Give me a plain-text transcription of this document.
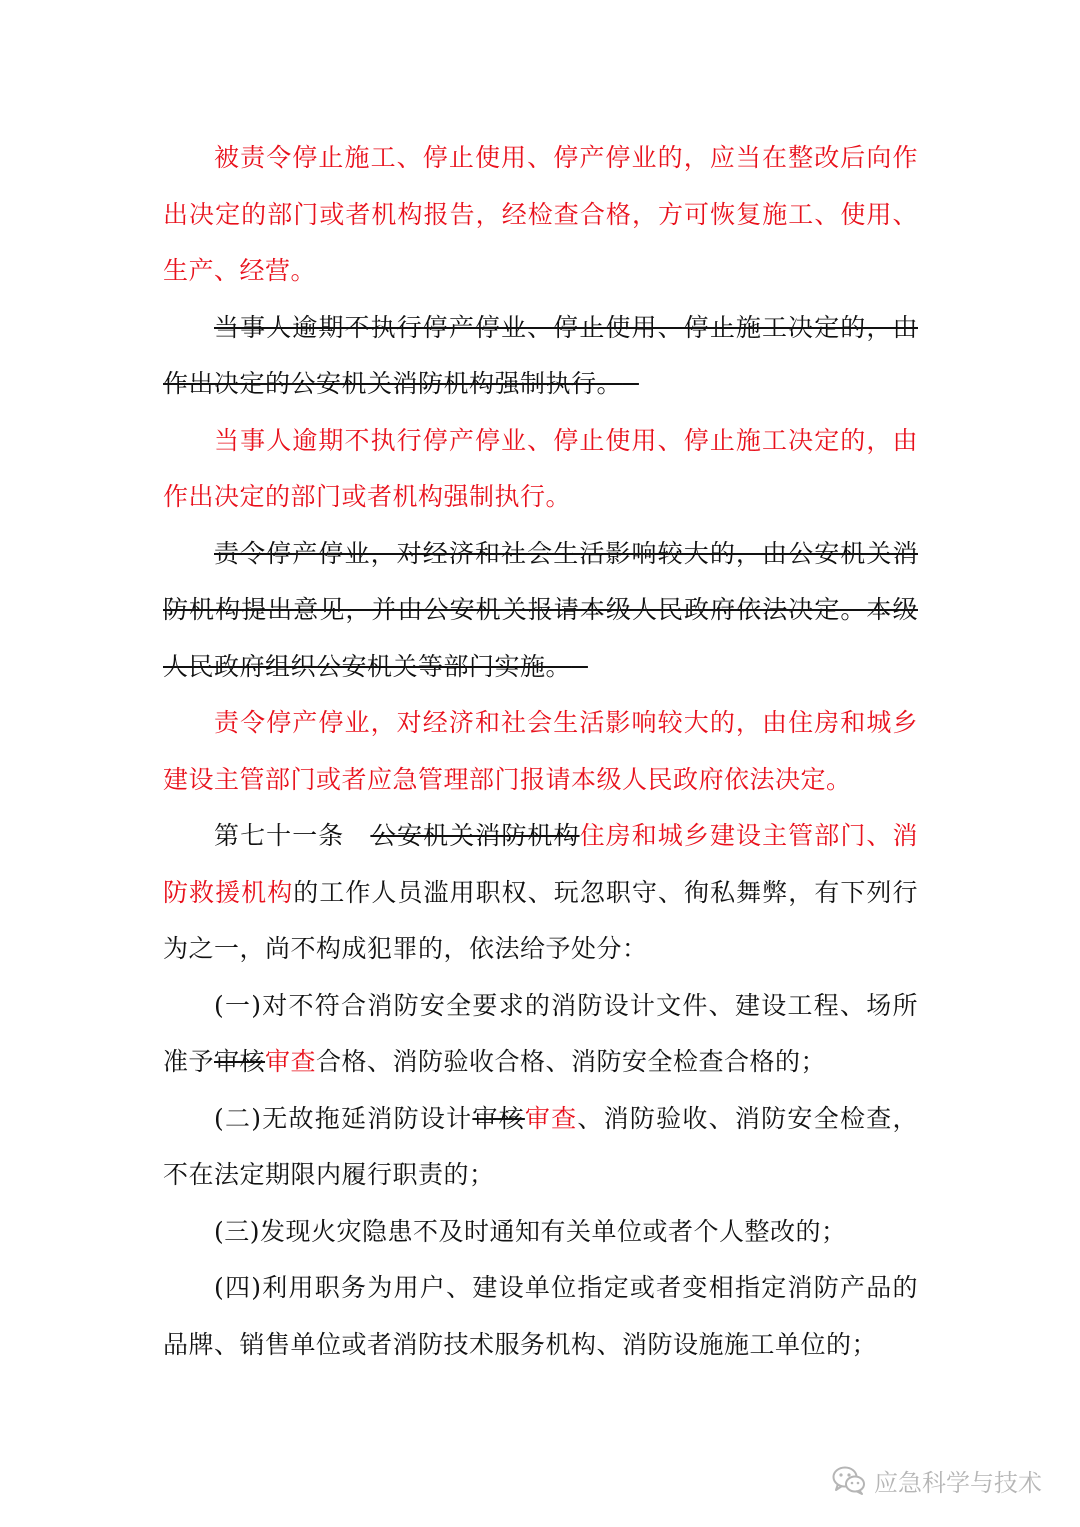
被责令停止施工、停止使用、停产停业的，应当在整改后向作出决定的部门或者机构报告，经检查合格，方可恢复施工、使用、生产、经营。

当事人逾期不执行停产停业、停止使用、停止施工决定的，由作出决定的公安机关消防机构强制执行。

当事人逾期不执行停产停业、停止使用、停止施工决定的，由作出决定的部门或者机构强制执行。

责令停产停业，对经济和社会生活影响较大的，由公安机关消防机构提出意见，并由公安机关报请本级人民政府依法决定。本级人民政府组织公安机关等部门实施。

责令停产停业，对经济和社会生活影响较大的，由住房和城乡建设主管部门或者应急管理部门报请本级人民政府依法决定。

第七十一条 公安机关消防机构住房和城乡建设主管部门、消防救援机构的工作人员滥用职权、玩忽职守、徇私舞弊，有下列行为之一，尚不构成犯罪的，依法给予处分：

(一)对不符合消防安全要求的消防设计文件、建设工程、场所准予审核审查合格、消防验收合格、消防安全检查合格的；

(二)无故拖延消防设计审核审查、消防验收、消防安全检查，不在法定期限内履行职责的；

(三)发现火灾隐患不及时通知有关单位或者个人整改的；

(四)利用职务为用户、建设单位指定或者变相指定消防产品的品牌、销售单位或者消防技术服务机构、消防设施施工单位的；

应急科学与技术
